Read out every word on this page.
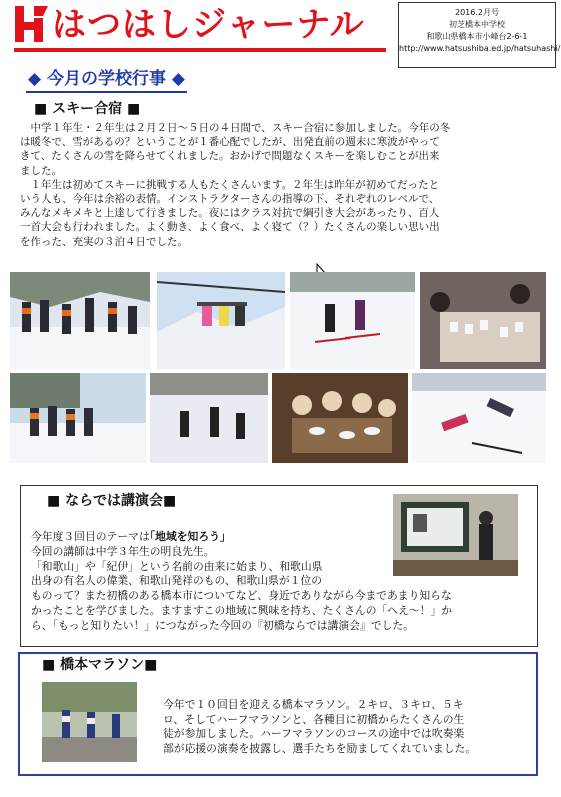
はつはしジャーナル	2016.2月号
初芝橋本中学校
和歌山県橋本市小峰台2-6-1
http://www.hatsushiba.ed.jp/hatsuhashi/
◆ 今月の学校行事 ◆
■ スキー合宿 ■
　中学１年生・２年生は２月２日～５日の４日間で、スキー合宿に参加しました。今年の冬
は暖冬で、雪があるの？ということが１番心配でしたが、出発直前の週末に寒波がやって
きて、たくさんの雪を降らせてくれました。おかげで問題なくスキーを楽しむことが出来
ました。
　１年生は初めてスキーに挑戦する人もたくさんいます。２年生は昨年が初めてだったと
いう人も、今年は余裕の表情。インストラクターさんの指導の下、それぞれのレベルで、
みんなメキメキと上達して行きました。夜にはクラス対抗で綱引き大会があったり、百人
一首大会も行われました。よく動き、よく食べ、よく寝て（？）たくさんの楽しい思い出
を作った、充実の３泊４日でした。
■ ならでは講演会■
今年度３回目のテーマは｢地域を知ろう｣
今回の講師は中学３年生の明良先生。
「和歌山」や「紀伊」という名前の由来に始まり、和歌山県
出身の有名人の偉業、和歌山発祥のもの、和歌山県が１位の
ものって？また初橋のある橋本市についてなど、身近でありながら今まであまり知らな
かったことを学びました。ますますこの地域に興味を持ち、たくさんの「へえ～！」か
ら、「もっと知りたい！」につながった今回の『初橋ならでは講演会』でした。
■ 橋本マラソン■
今年で１０回目を迎える橋本マラソン。２キロ、３キロ、５キ
ロ、そしてハーフマラソンと、各種目に初橋からたくさんの生
徒が参加しました。ハーフマラソンのコースの途中では吹奏楽
部が応援の演奏を披露し、選手たちを励ましてくれていました。
